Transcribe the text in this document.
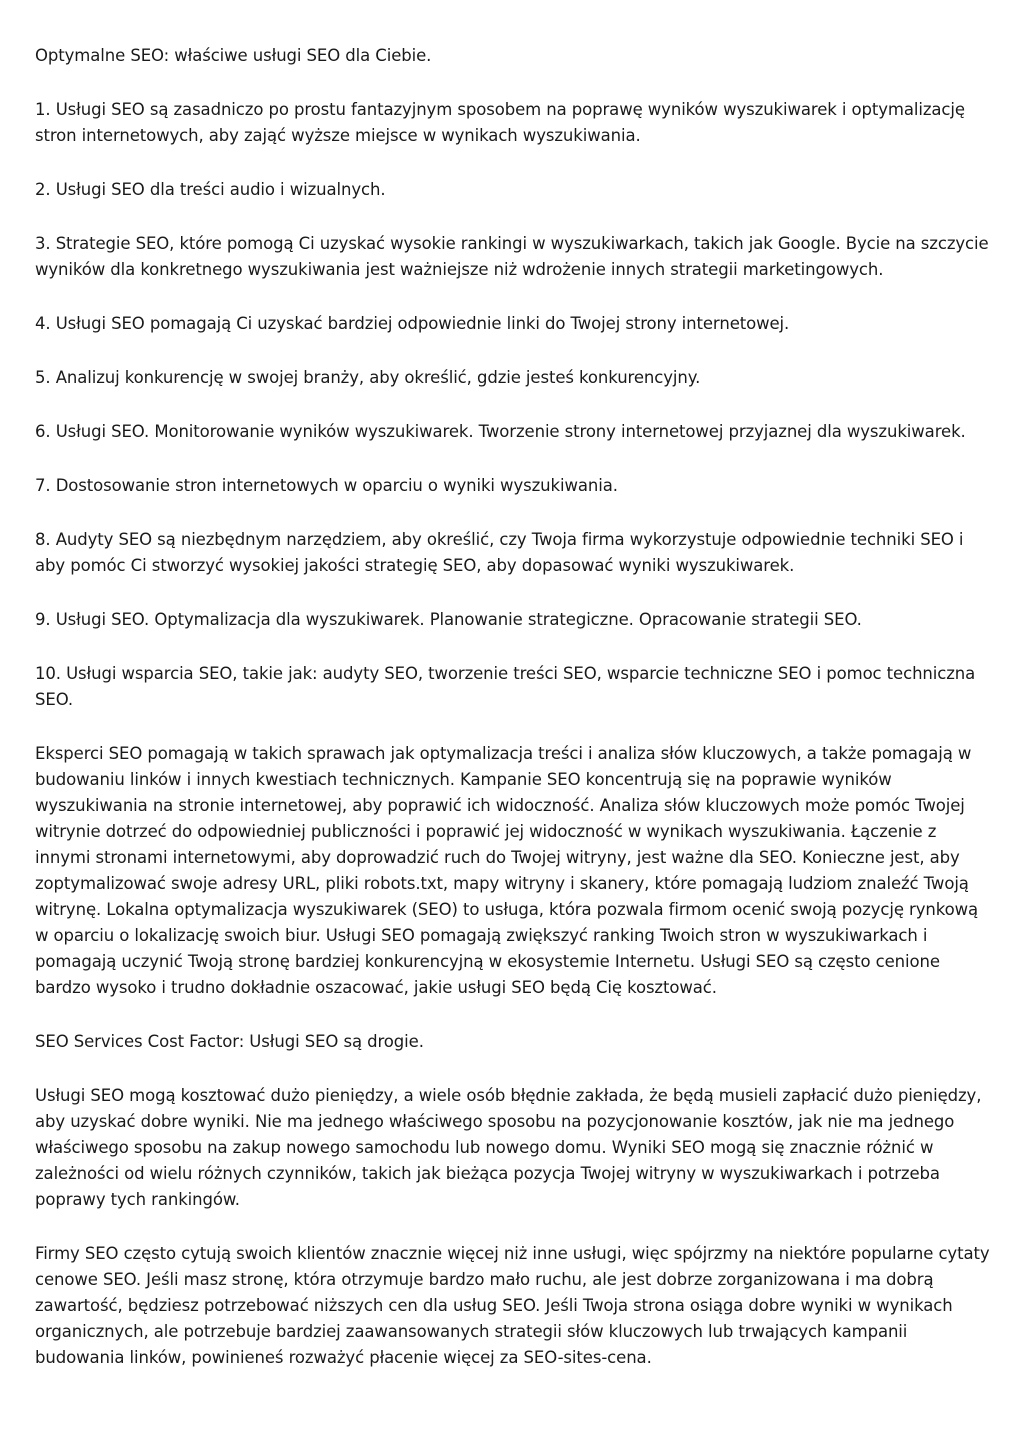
Optymalne SEO: właściwe usługi SEO dla Ciebie.

1. Usługi SEO są zasadniczo po prostu fantazyjnym sposobem na poprawę wyników wyszukiwarek i optymalizację stron internetowych, aby zająć wyższe miejsce w wynikach wyszukiwania.

2. Usługi SEO dla treści audio i wizualnych.

3. Strategie SEO, które pomogą Ci uzyskać wysokie rankingi w wyszukiwarkach, takich jak Google. Bycie na szczycie wyników dla konkretnego wyszukiwania jest ważniejsze niż wdrożenie innych strategii marketingowych.

4. Usługi SEO pomagają Ci uzyskać bardziej odpowiednie linki do Twojej strony internetowej.

5. Analizuj konkurencję w swojej branży, aby określić, gdzie jesteś konkurencyjny.

6. Usługi SEO. Monitorowanie wyników wyszukiwarek. Tworzenie strony internetowej przyjaznej dla wyszukiwarek.

7. Dostosowanie stron internetowych w oparciu o wyniki wyszukiwania.

8. Audyty SEO są niezbędnym narzędziem, aby określić, czy Twoja firma wykorzystuje odpowiednie techniki SEO i aby pomóc Ci stworzyć wysokiej jakości strategię SEO, aby dopasować wyniki wyszukiwarek.

9. Usługi SEO. Optymalizacja dla wyszukiwarek. Planowanie strategiczne. Opracowanie strategii SEO.

10. Usługi wsparcia SEO, takie jak: audyty SEO, tworzenie treści SEO, wsparcie techniczne SEO i pomoc techniczna SEO.

Eksperci SEO pomagają w takich sprawach jak optymalizacja treści i analiza słów kluczowych, a także pomagają w budowaniu linków i innych kwestiach technicznych. Kampanie SEO koncentrują się na poprawie wyników wyszukiwania na stronie internetowej, aby poprawić ich widoczność. Analiza słów kluczowych może pomóc Twojej witrynie dotrzeć do odpowiedniej publiczności i poprawić jej widoczność w wynikach wyszukiwania. Łączenie z innymi stronami internetowymi, aby doprowadzić ruch do Twojej witryny, jest ważne dla SEO. Konieczne jest, aby zoptymalizować swoje adresy URL, pliki robots.txt, mapy witryny i skanery, które pomagają ludziom znaleźć Twoją witrynę. Lokalna optymalizacja wyszukiwarek (SEO) to usługa, która pozwala firmom ocenić swoją pozycję rynkową w oparciu o lokalizację swoich biur. Usługi SEO pomagają zwiększyć ranking Twoich stron w wyszukiwarkach i pomagają uczynić Twoją stronę bardziej konkurencyjną w ekosystemie Internetu. Usługi SEO są często cenione bardzo wysoko i trudno dokładnie oszacować, jakie usługi SEO będą Cię kosztować.

SEO Services Cost Factor: Usługi SEO są drogie.

Usługi SEO mogą kosztować dużo pieniędzy, a wiele osób błędnie zakłada, że będą musieli zapłacić dużo pieniędzy, aby uzyskać dobre wyniki. Nie ma jednego właściwego sposobu na pozycjonowanie kosztów, jak nie ma jednego właściwego sposobu na zakup nowego samochodu lub nowego domu. Wyniki SEO mogą się znacznie różnić w zależności od wielu różnych czynników, takich jak bieżąca pozycja Twojej witryny w wyszukiwarkach i potrzeba poprawy tych rankingów.

Firmy SEO często cytują swoich klientów znacznie więcej niż inne usługi, więc spójrzmy na niektóre popularne cytaty cenowe SEO. Jeśli masz stronę, która otrzymuje bardzo mało ruchu, ale jest dobrze zorganizowana i ma dobrą zawartość, będziesz potrzebować niższych cen dla usług SEO. Jeśli Twoja strona osiąga dobre wyniki w wynikach organicznych, ale potrzebuje bardziej zaawansowanych strategii słów kluczowych lub trwających kampanii budowania linków, powinieneś rozważyć płacenie więcej za SEO-sites-cena.
